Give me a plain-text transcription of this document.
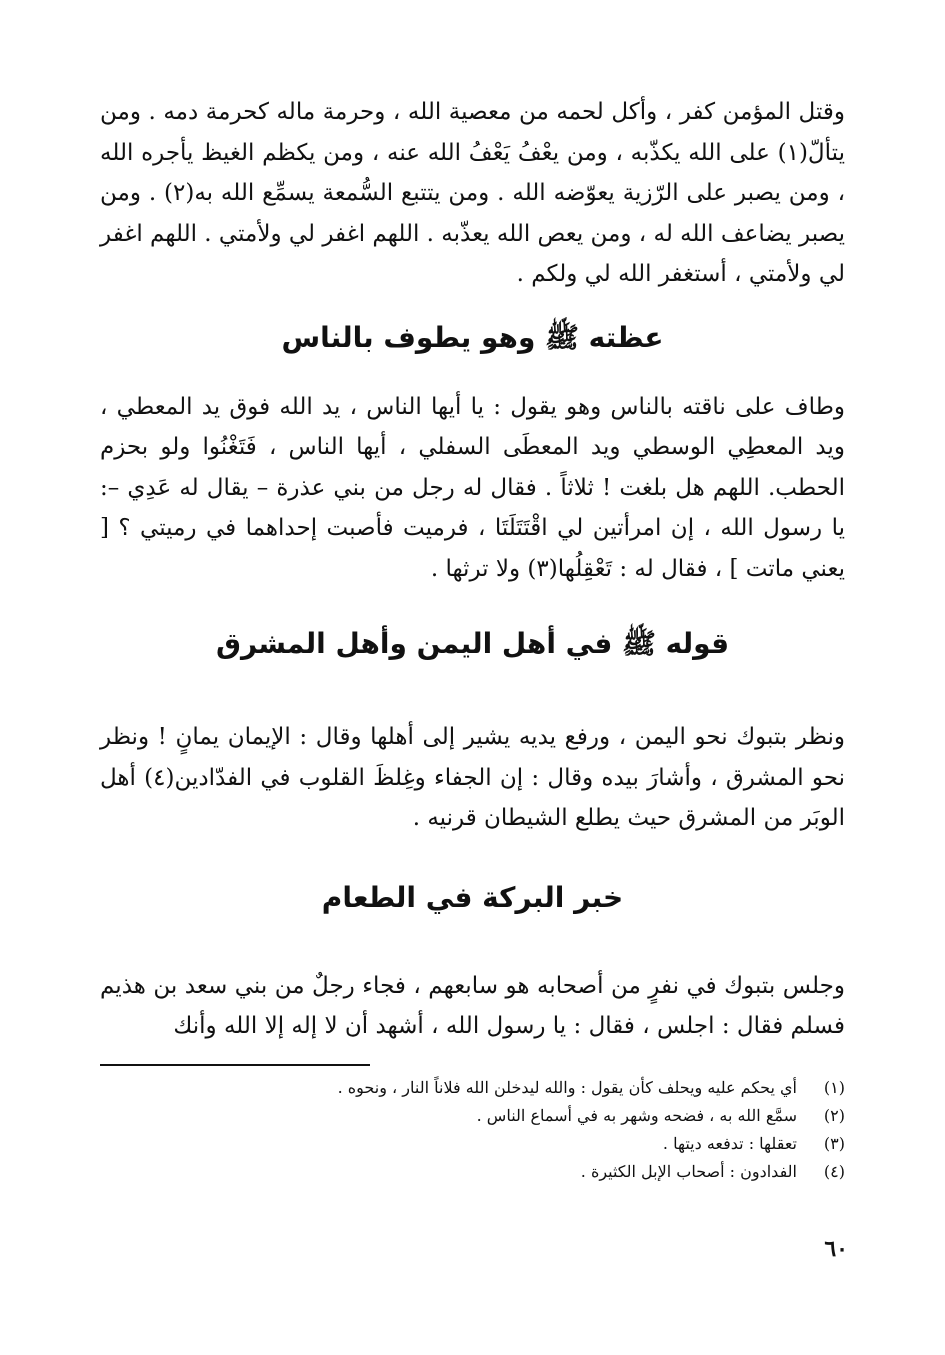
وقتل المؤمن كفر ، وأكل لحمه من معصية الله ، وحرمة ماله كحرمة دمه . ومن يتألّ(١) على الله يكذّبه ، ومن يعْفُ يَعْفُ الله عنه ، ومن يكظم الغيظ يأجره الله ، ومن يصبر على الرّزية يعوّضه الله . ومن يتتبع السُّمعة يسمِّع الله به(٢) . ومن يصبر يضاعف الله له ، ومن يعص الله يعذّبه . اللهم اغفر لي ولأمتي . اللهم اغفر لي ولأمتي ، أستغفر الله لي ولكم .

عظته ﷺ وهو يطوف بالناس

وطاف على ناقته بالناس وهو يقول : يا أيها الناس ، يد الله فوق يد المعطي ، ويد المعطِي الوسطي ويد المعطَى السفلي ، أيها الناس ، فَتَغْنُوا ولو بحزم الحطب. اللهم هل بلغت ! ثلاثاً . فقال له رجل من بني عذرة – يقال له عَدِي –: يا رسول الله ، إن امرأتين لي اقْتَتَلَتَا ، فرميت فأصبت إحداهما في رميتي ؟ [ يعني ماتت ] ، فقال له : تَعْقِلُها(٣) ولا ترثها .

قوله ﷺ في أهل اليمن وأهل المشرق

ونظر بتبوك نحو اليمن ، ورفع يديه يشير إلى أهلها وقال : الإيمان يمانٍ ! ونظر نحو المشرق ، وأشارَ بيده وقال : إن الجفاء وغِلظَ القلوب في الفدّادين(٤) أهل الوبَر من المشرق حيث يطلع الشيطان قرنيه .

خبر البركة في الطعام

وجلس بتبوك في نفرٍ من أصحابه هو سابعهم ، فجاء رجلٌ من بني سعد بن هذيم فسلم فقال : اجلس ، فقال : يا رسول الله ، أشهد أن لا إله إلا الله وأنك

(١)
أي يحكم عليه ويحلف كأن يقول : والله ليدخلن الله فلاناً النار ، ونحوه .
(٢)
سمَّع الله به ، فضحه وشهر به في أسماع الناس .
(٣)
تعقلها : تدفعه ديتها .
(٤)
الفدادون : أصحاب الإبل الكثيرة .
٦٠
